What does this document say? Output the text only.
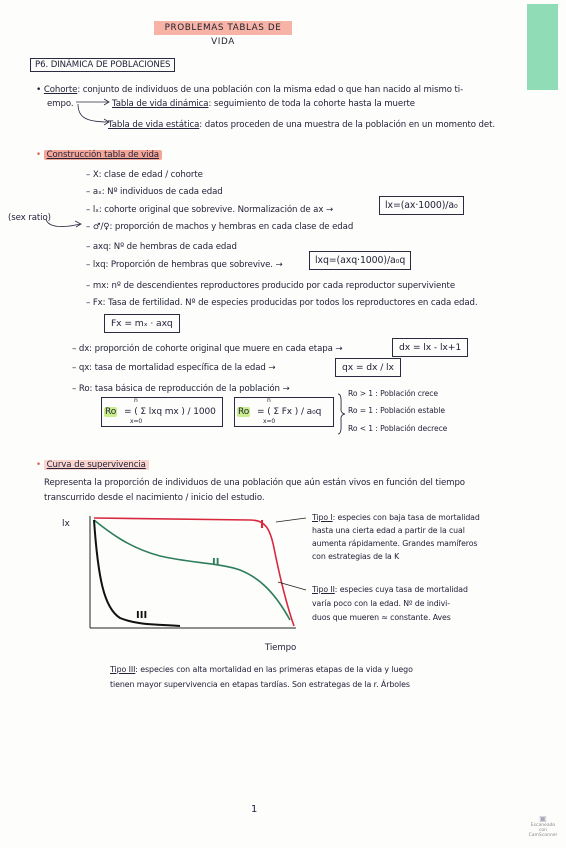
PROBLEMAS TABLAS DE VIDA
P6. DINÁMICA DE POBLACIONES
• Cohorte: conjunto de individuos de una población con la misma edad o que han nacido al mismo ti-
empo.	Tabla de vida dinámica: seguimiento de toda la cohorte hasta la muerte
Tabla de vida estática: datos proceden de una muestra de la población en un momento det.
• Construcción tabla de vida
– X: clase de edad / cohorte
– aₓ: Nº individuos de cada edad
– lₓ: cohorte original que sobrevive. Normalización de ax →	lx=(ax·1000)/a₀
(sex ratio)
– ♂/♀: proporción de machos y hembras en cada clase de edad
– axq: Nº de hembras de cada edad
– lxq: Proporción de hembras que sobrevive. →	lxq=(axq·1000)/a₀q
– mx: nº de descendientes reproductores producido por cada reproductor superviviente
– Fx: Tasa de fertilidad. Nº de especies producidas por todos los reproductores en cada edad.
Fx = mₓ · axq
– dx: proporción de cohorte original que muere en cada etapa →	dx = lx - lx+1
– qx: tasa de mortalidad específica de la edad →	qx = dx / lx
– Ro: tasa básica de reproducción de la población →
Ro = ( Σ lxq mx ) / 1000
n
x=0
Ro = ( Σ Fx ) / a₀q
n
x=0
Ro > 1 : Población crece
Ro = 1 : Población estable
Ro < 1 : Población decrece
• Curva de supervivencia
Representa la proporción de individuos de una población que aún están vivos en función del tiempo
transcurrido desde el nacimiento / inicio del estudio.
lx	I
II
III
Tiempo
Tipo I: especies con baja tasa de mortalidad
hasta una cierta edad a partir de la cual
aumenta rápidamente. Grandes mamíferos
con estrategias de la K
Tipo II: especies cuya tasa de mortalidad
varía poco con la edad. Nº de indivi-
duos que mueren ≈ constante. Aves
Tipo III: especies con alta mortalidad en las primeras etapas de la vida y luego
tienen mayor supervivencia en etapas tardías. Son estrategas de la r. Árboles
1
▣
Escaneado con CamScanner
